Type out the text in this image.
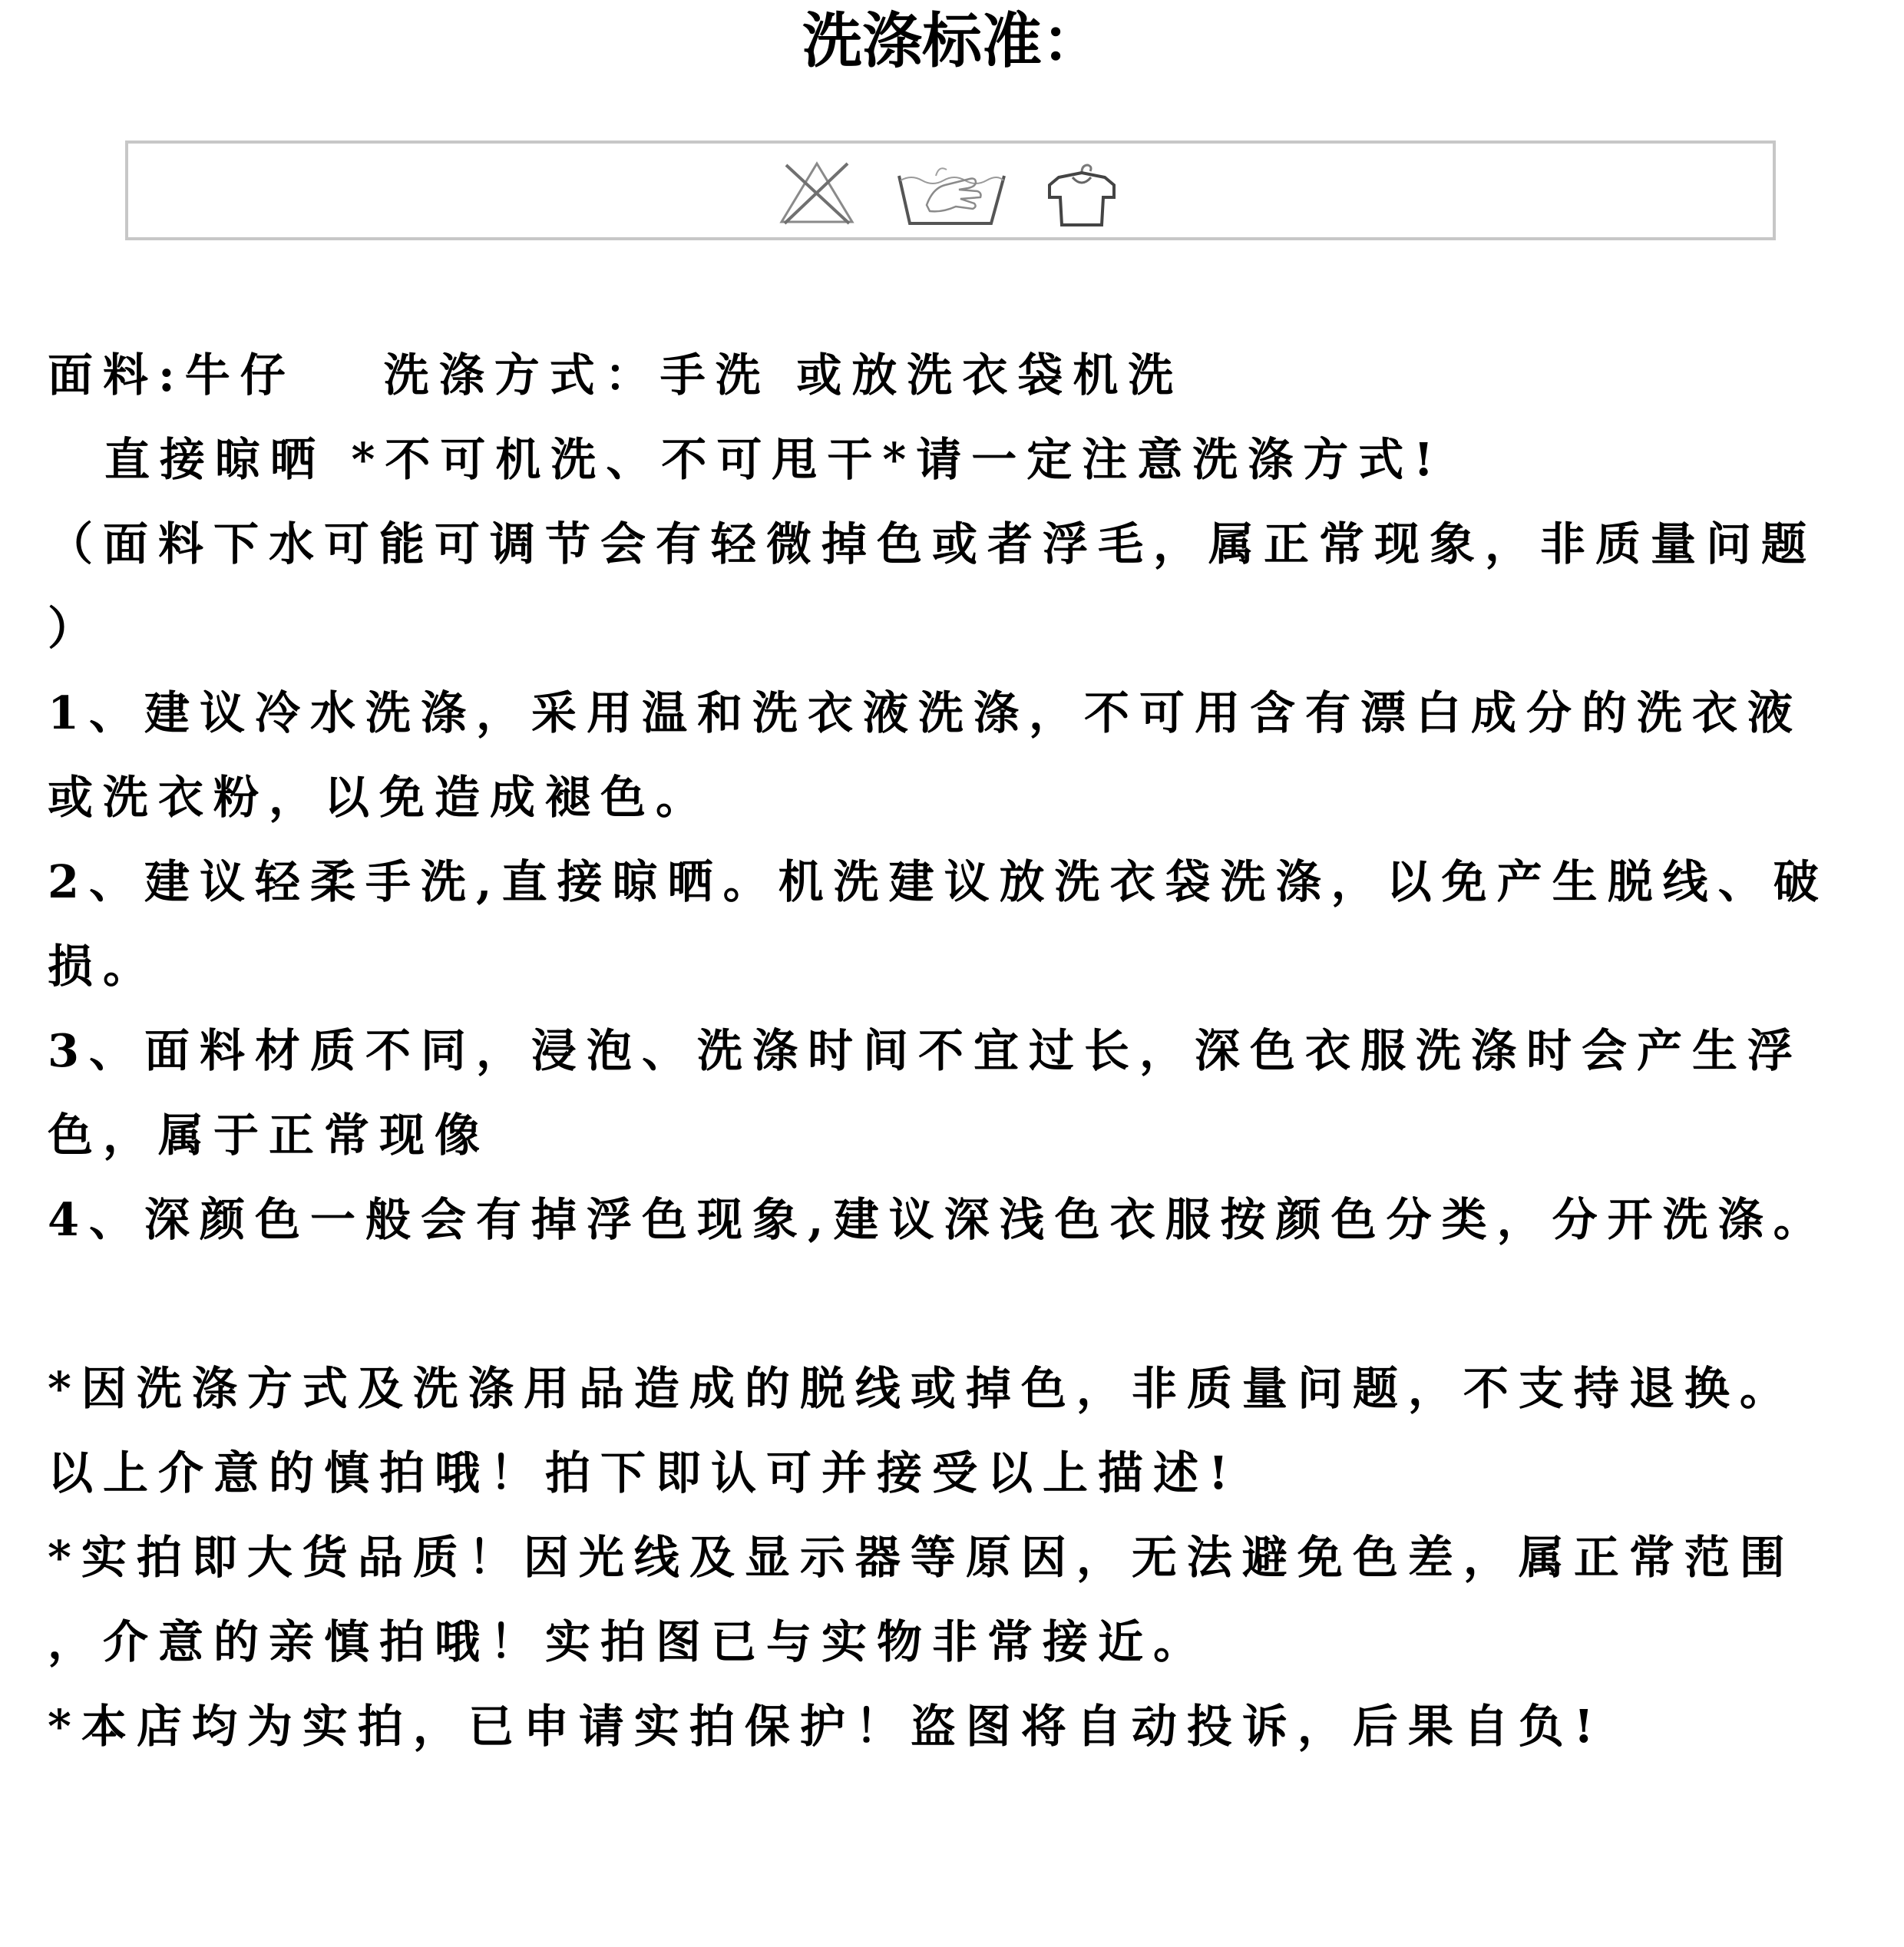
洗涤标准：
面料:牛仔 洗涤方式：手洗 或放洗衣袋机洗
直接晾晒 *不可机洗、不可甩干*请一定注意洗涤方式!
（面料下水可能可调节会有轻微掉色或者浮毛，属正常现象，非质量问题
）
1、建议冷水洗涤，采用温和洗衣液洗涤，不可用含有漂白成分的洗衣液
或洗衣粉，以免造成褪色。
2、建议轻柔手洗,直接晾晒。机洗建议放洗衣袋洗涤，以免产生脱线、破
损。
3、面料材质不同，浸泡、洗涤时间不宜过长，深色衣服洗涤时会产生浮
色，属于正常现像
4、深颜色一般会有掉浮色现象,建议深浅色衣服按颜色分类，分开洗涤。
*因洗涤方式及洗涤用品造成的脱线或掉色，非质量问题，不支持退换。
以上介意的慎拍哦！拍下即认可并接受以上描述!
*实拍即大货品质！因光线及显示器等原因，无法避免色差，属正常范围
，介意的亲慎拍哦！实拍图已与实物非常接近。
*本店均为实拍，已申请实拍保护！盗图将自动投诉，后果自负!
